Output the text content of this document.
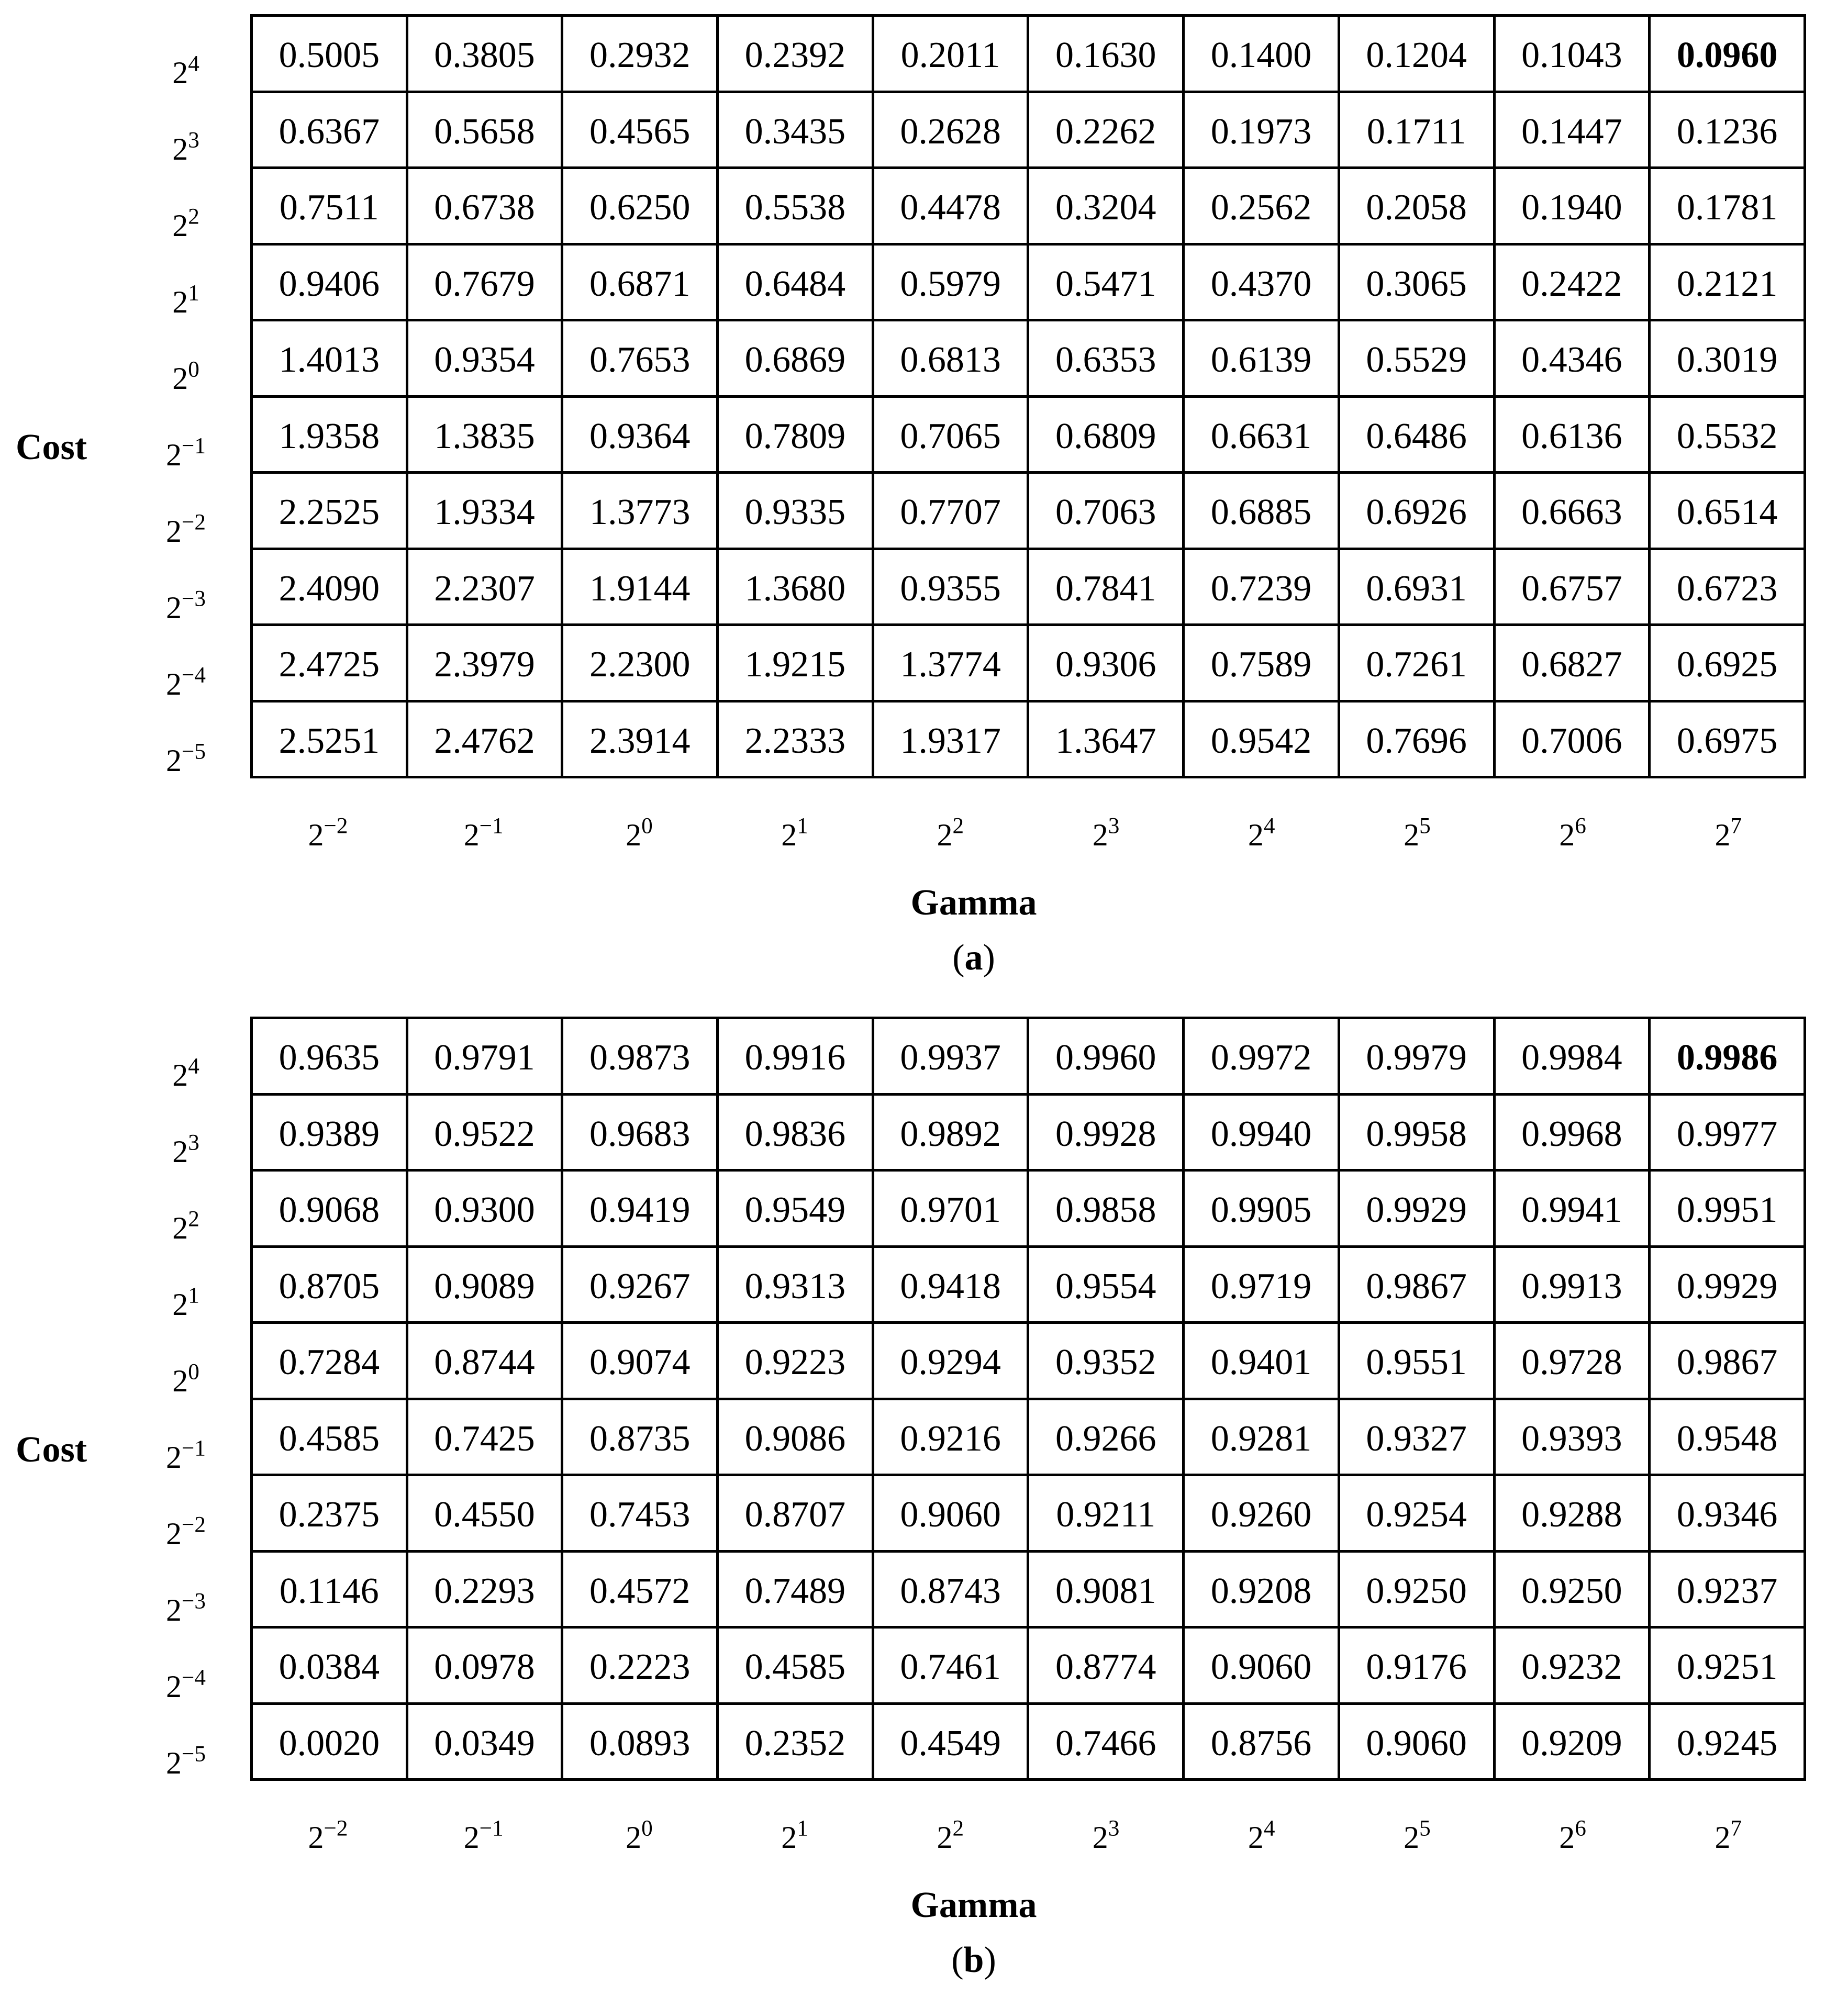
0.5005	0.3805	0.2932	0.2392	0.2011	0.1630	0.1400	0.1204	0.1043	0.0960
0.6367	0.5658	0.4565	0.3435	0.2628	0.2262	0.1973	0.1711	0.1447	0.1236
0.7511	0.6738	0.6250	0.5538	0.4478	0.3204	0.2562	0.2058	0.1940	0.1781
0.9406	0.7679	0.6871	0.6484	0.5979	0.5471	0.4370	0.3065	0.2422	0.2121
1.4013	0.9354	0.7653	0.6869	0.6813	0.6353	0.6139	0.5529	0.4346	0.3019
1.9358	1.3835	0.9364	0.7809	0.7065	0.6809	0.6631	0.6486	0.6136	0.5532
2.2525	1.9334	1.3773	0.9335	0.7707	0.7063	0.6885	0.6926	0.6663	0.6514
2.4090	2.2307	1.9144	1.3680	0.9355	0.7841	0.7239	0.6931	0.6757	0.6723
2.4725	2.3979	2.2300	1.9215	1.3774	0.9306	0.7589	0.7261	0.6827	0.6925
2.5251	2.4762	2.3914	2.2333	1.9317	1.3647	0.9542	0.7696	0.7006	0.6975
$2^4$
$2^3$
$2^2$
$2^1$
$2^0$
$2^{-1}$
$2^{-2}$
$2^{-3}$
$2^{-4}$
$2^{-5}$
$2^{-2}$	$2^{-1}$	$2^0$	$2^1$	$2^2$	$2^3$	$2^4$	$2^5$	$2^6$	$2^7$
Cost
Gamma
(a)
0.9635	0.9791	0.9873	0.9916	0.9937	0.9960	0.9972	0.9979	0.9984	0.9986
0.9389	0.9522	0.9683	0.9836	0.9892	0.9928	0.9940	0.9958	0.9968	0.9977
0.9068	0.9300	0.9419	0.9549	0.9701	0.9858	0.9905	0.9929	0.9941	0.9951
0.8705	0.9089	0.9267	0.9313	0.9418	0.9554	0.9719	0.9867	0.9913	0.9929
0.7284	0.8744	0.9074	0.9223	0.9294	0.9352	0.9401	0.9551	0.9728	0.9867
0.4585	0.7425	0.8735	0.9086	0.9216	0.9266	0.9281	0.9327	0.9393	0.9548
0.2375	0.4550	0.7453	0.8707	0.9060	0.9211	0.9260	0.9254	0.9288	0.9346
0.1146	0.2293	0.4572	0.7489	0.8743	0.9081	0.9208	0.9250	0.9250	0.9237
0.0384	0.0978	0.2223	0.4585	0.7461	0.8774	0.9060	0.9176	0.9232	0.9251
0.0020	0.0349	0.0893	0.2352	0.4549	0.7466	0.8756	0.9060	0.9209	0.9245
$2^4$
$2^3$
$2^2$
$2^1$
$2^0$
$2^{-1}$
$2^{-2}$
$2^{-3}$
$2^{-4}$
$2^{-5}$
$2^{-2}$	$2^{-1}$	$2^0$	$2^1$	$2^2$	$2^3$	$2^4$	$2^5$	$2^6$	$2^7$
Cost
Gamma
(b)
